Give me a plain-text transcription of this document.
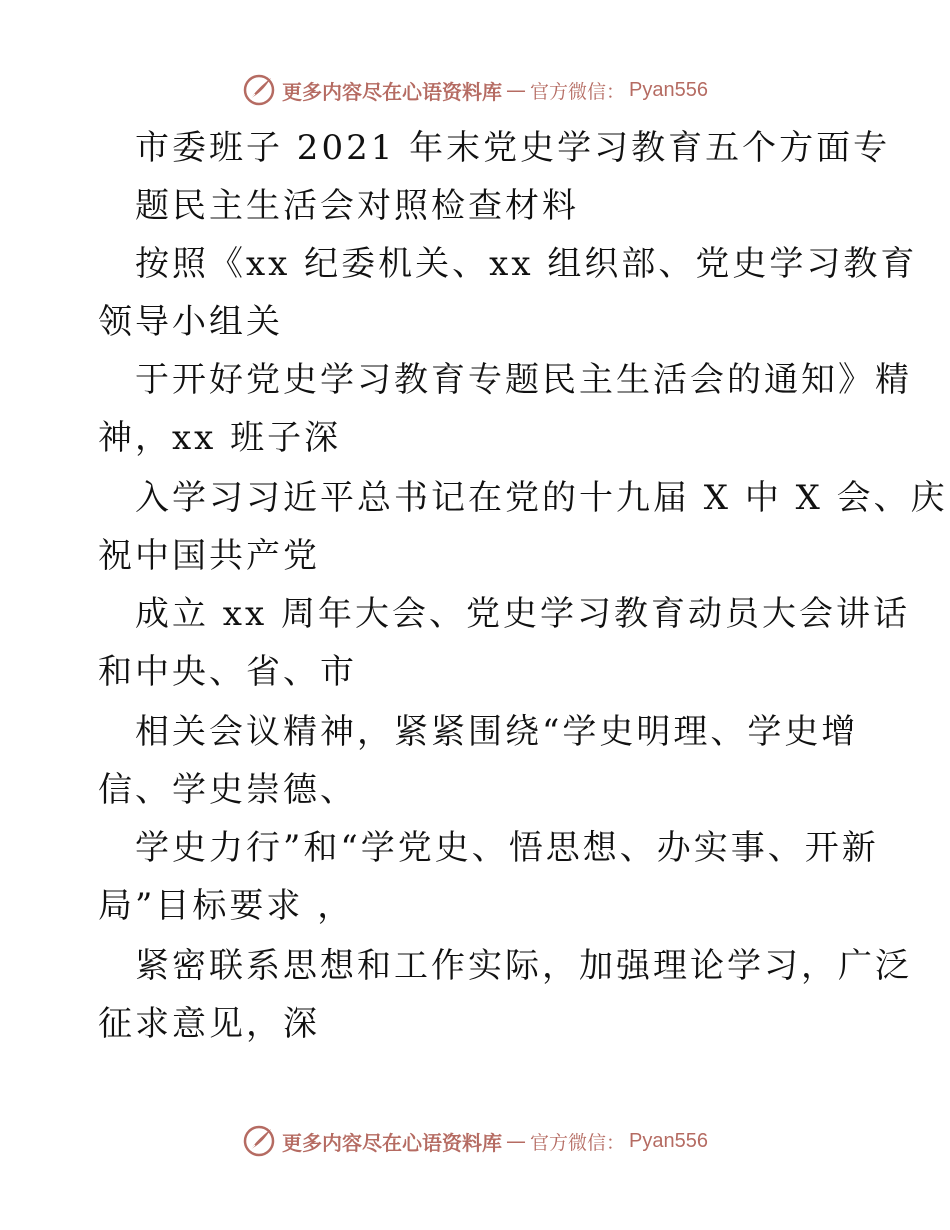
更多内容尽在心语资料库 — 官方微信： Pyan556
市委班子 2021 年末党史学习教育五个方面专
题民主生活会对照检查材料
按照《xx 纪委机关、xx 组织部、党史学习教育
领导小组关
于开好党史学习教育专题民主生活会的通知》精
神，xx 班子深
入学习习近平总书记在党的十九届 X 中 X 会、庆
祝中国共产党
成立 xx 周年大会、党史学习教育动员大会讲话
和中央、省、市
相关会议精神，紧紧围绕“学史明理、学史增
信、学史崇德、
学史力行”和“学党史、悟思想、办实事、开新
局”目标要求 ，
紧密联系思想和工作实际，加强理论学习，广泛
征求意见，深
更多内容尽在心语资料库 — 官方微信： Pyan556
